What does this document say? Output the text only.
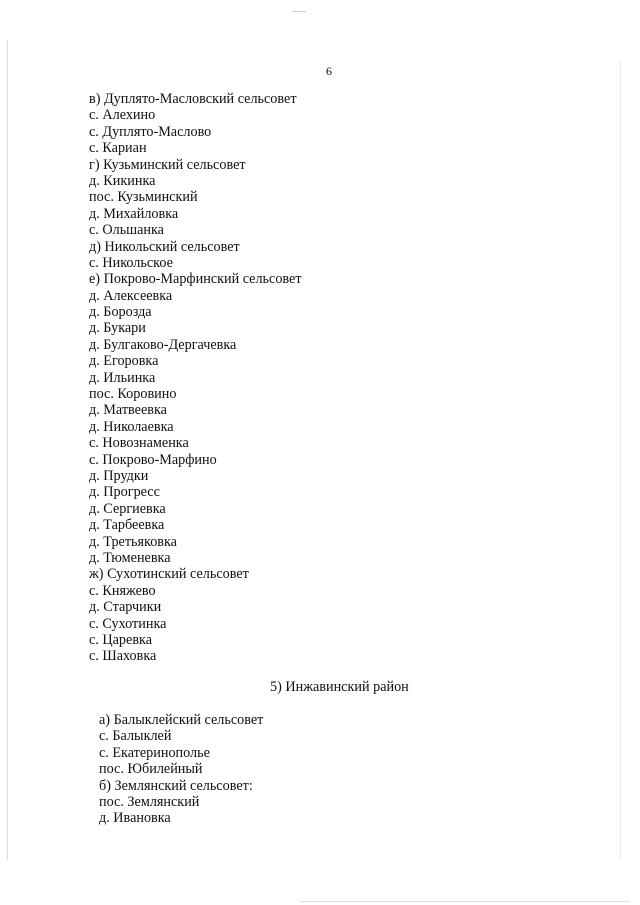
6
в) Дуплято-Масловский сельсовет
с. Алехино
с. Дуплято-Маслово
с. Кариан
г) Кузьминский сельсовет
д. Кикинка
пос. Кузьминский
д. Михайловка
с. Ольшанка
д) Никольский сельсовет
с. Никольское
е) Покрово-Марфинский сельсовет
д. Алексеевка
д. Борозда
д. Букари
д. Булгаково-Дергачевка
д. Егоровка
д. Ильинка
пос. Коровино
д. Матвеевка
д. Николаевка
с. Новознаменка
с. Покрово-Марфино
д. Прудки
д. Прогресс
д. Сергиевка
д. Тарбеевка
д. Третьяковка
д. Тюменевка
ж) Сухотинский сельсовет
с. Княжево
д. Старчики
с. Сухотинка
с. Царевка
с. Шаховка
5) Инжавинский район
а) Балыклейский сельсовет
с. Балыклей
с. Екатеринополье
пос. Юбилейный
б) Землянский сельсовет:
пос. Землянский
д. Ивановка
